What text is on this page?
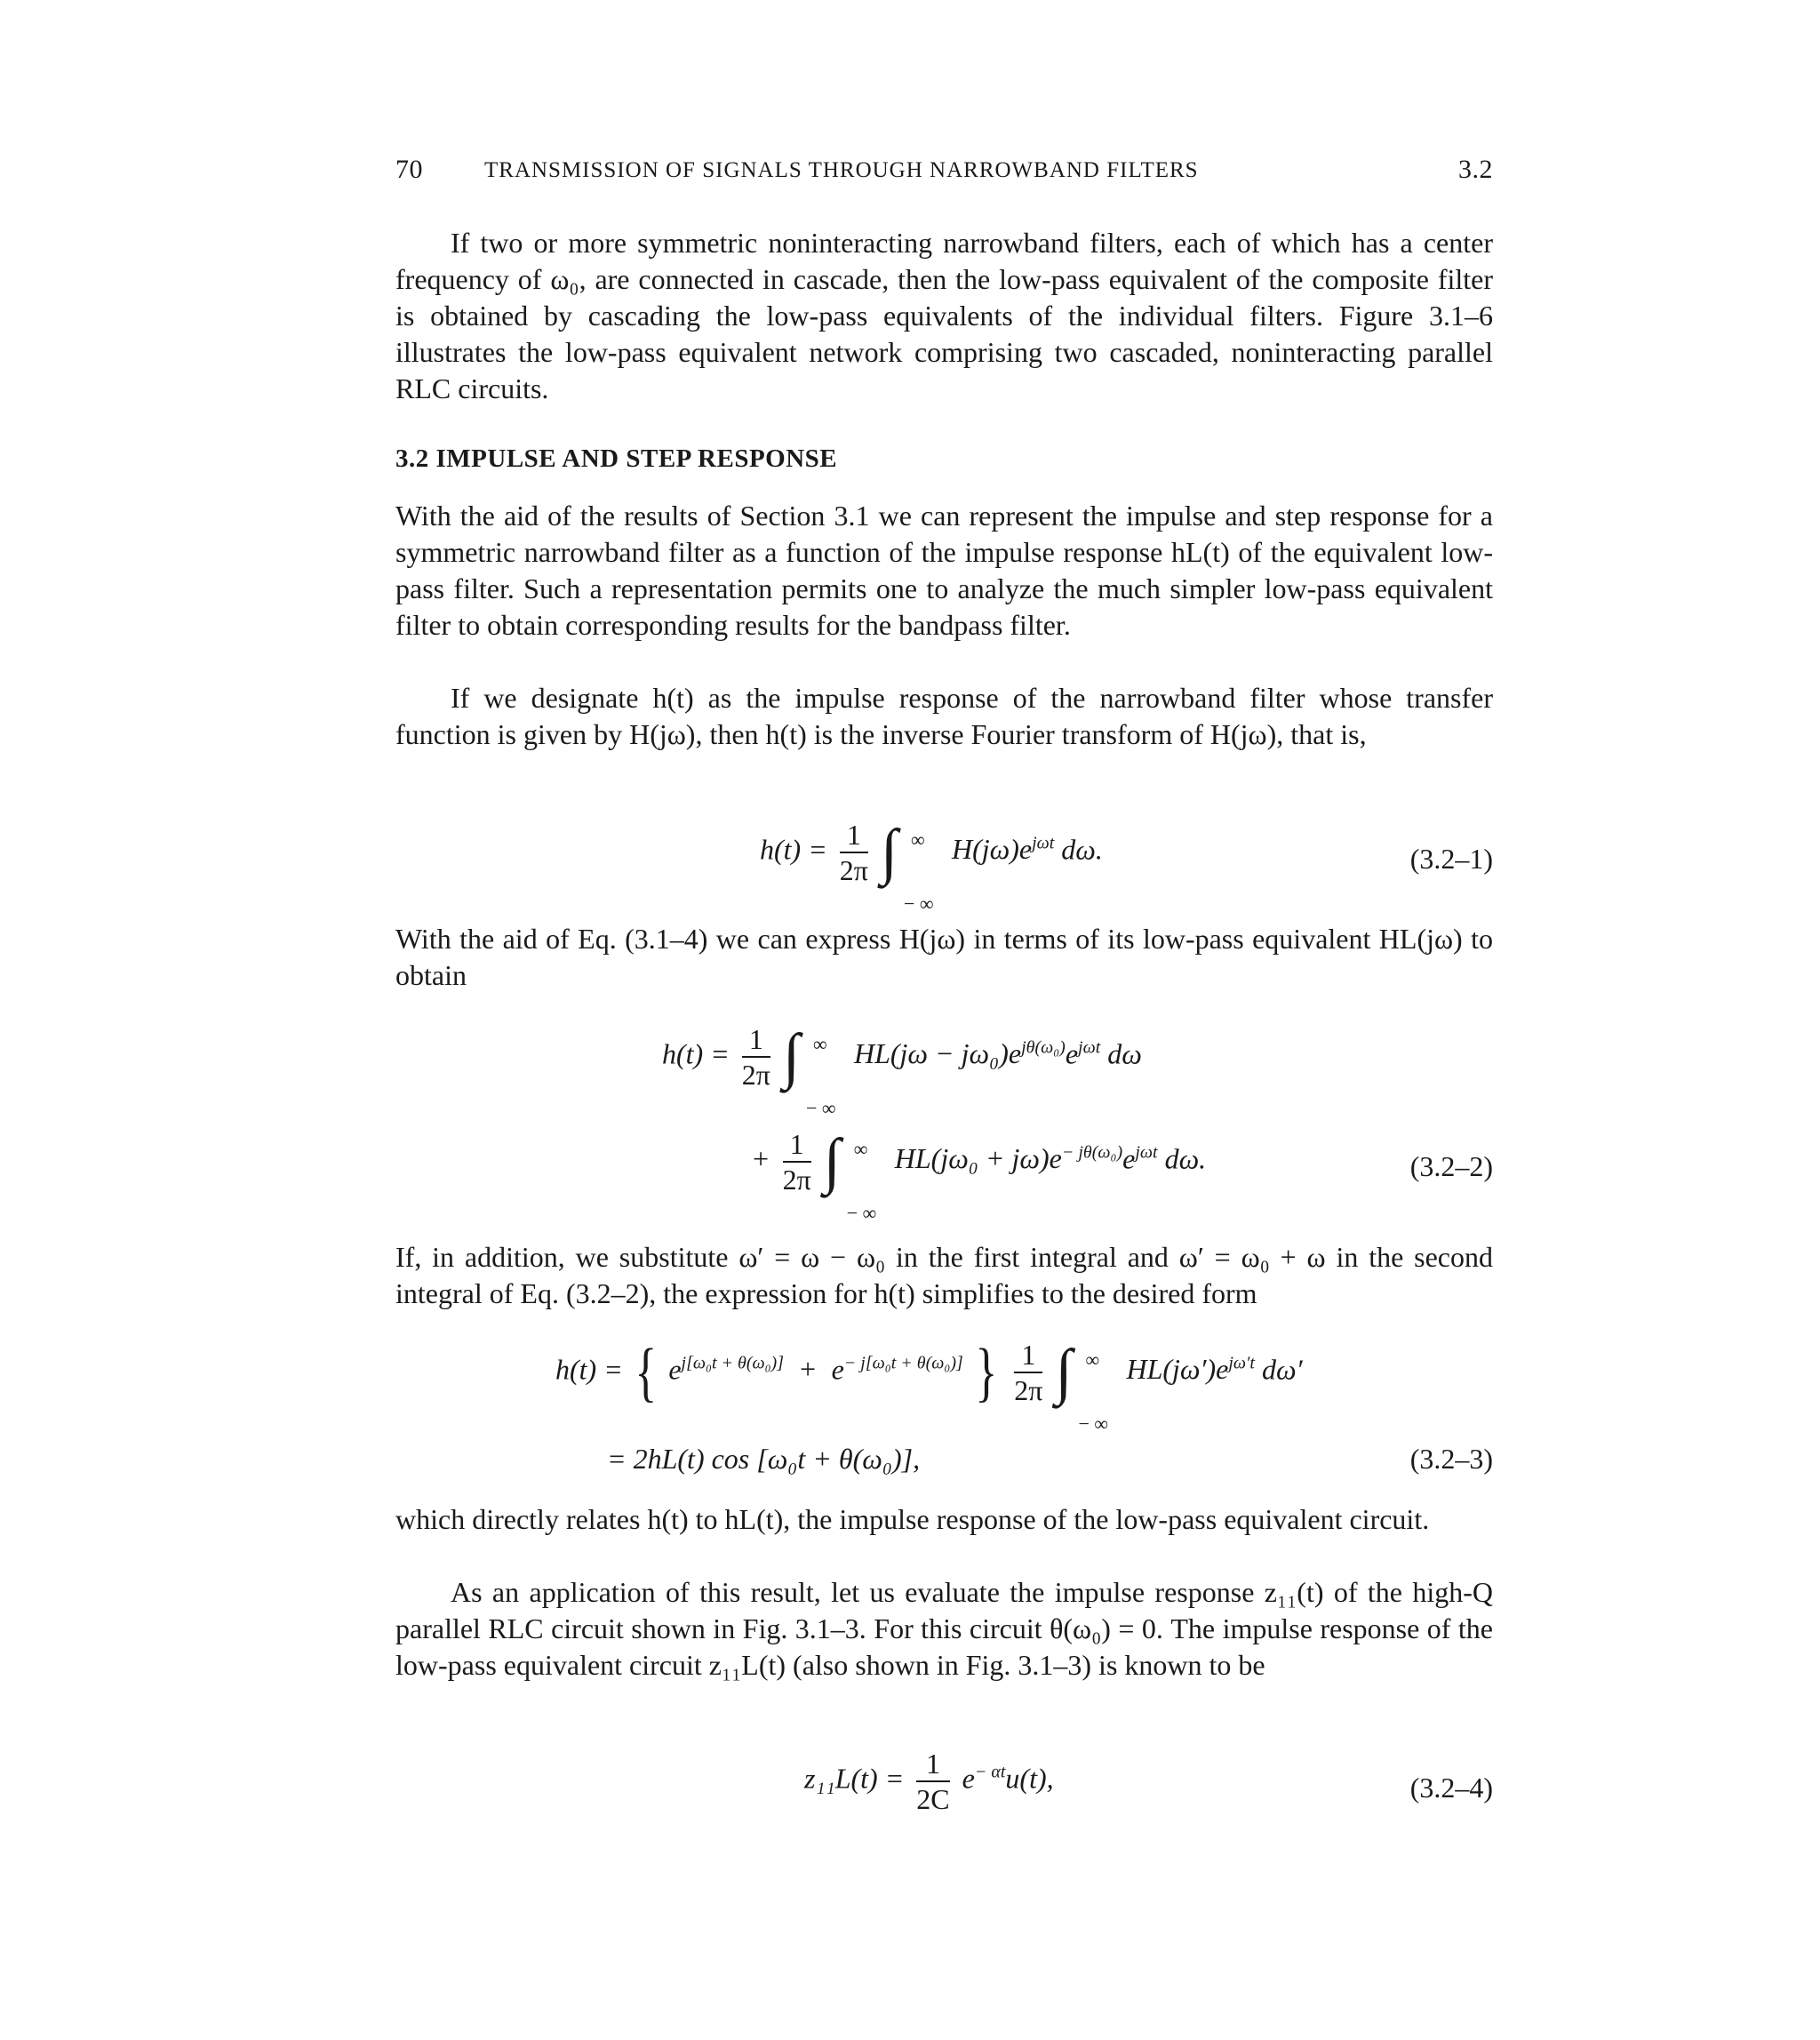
70	TRANSMISSION OF SIGNALS THROUGH NARROWBAND FILTERS	3.2

If two or more symmetric noninteracting narrowband filters, each of which has a center frequency of ω₀, are connected in cascade, then the low-pass equivalent of the composite filter is obtained by cascading the low-pass equivalents of the individual filters. Figure 3.1–6 illustrates the low-pass equivalent network comprising two cascaded, noninteracting parallel RLC circuits.

3.2 IMPULSE AND STEP RESPONSE

With the aid of the results of Section 3.1 we can represent the impulse and step response for a symmetric narrowband filter as a function of the impulse response hL(t) of the equivalent low-pass filter. Such a representation permits one to analyze the much simpler low-pass equivalent filter to obtain corresponding results for the bandpass filter.

If we designate h(t) as the impulse response of the narrowband filter whose transfer function is given by H(jω), then h(t) is the inverse Fourier transform of H(jω), that is,

$h(t) = \frac{1}{2\pi}$ ∫ ∞
− ∞
$H(j\omega)e^{j\omega t}$ dω.	(3.2–1)

With the aid of Eq. (3.1–4) we can express H(jω) in terms of its low-pass equivalent HL(jω) to obtain

$h(t) = \frac{1}{2\pi}$ ∫ ∞
− ∞
$HL(j\omega - j\omega_0)e^{j\theta(\omega_0)}e^{j\omega t}$ dω
+ $\frac{1}{2\pi}$ ∫ ∞
− ∞
$HL(j\omega_0 + j\omega)e^{- j\theta(\omega_0)}e^{j\omega t}$ dω.	(3.2–2)

If, in addition, we substitute ω′ = ω − ω₀ in the first integral and ω′ = ω₀ + ω in the second integral of Eq. (3.2–2), the expression for h(t) simplifies to the desired form

h(t) = { $e^{j[\omega_0t + \theta(\omega_0)]} + e^{- j[\omega_0t + \theta(\omega_0)]}$ } $\frac{1}{2\pi}$ ∫ ∞
− ∞
$HL(j\omega')e^{j\omega't}$ dω′
= 2hL(t) cos [ω₀t + θ(ω₀)],	(3.2–3)

which directly relates h(t) to hL(t), the impulse response of the low-pass equivalent circuit.

As an application of this result, let us evaluate the impulse response z₁₁(t) of the high-Q parallel RLC circuit shown in Fig. 3.1–3. For this circuit θ(ω₀) = 0. The impulse response of the low-pass equivalent circuit z₁₁L(t) (also shown in Fig. 3.1–3) is known to be

$z_{11}L(t) = \frac{1}{2C} e^{- \alpha t}u(t)$,	(3.2–4)
